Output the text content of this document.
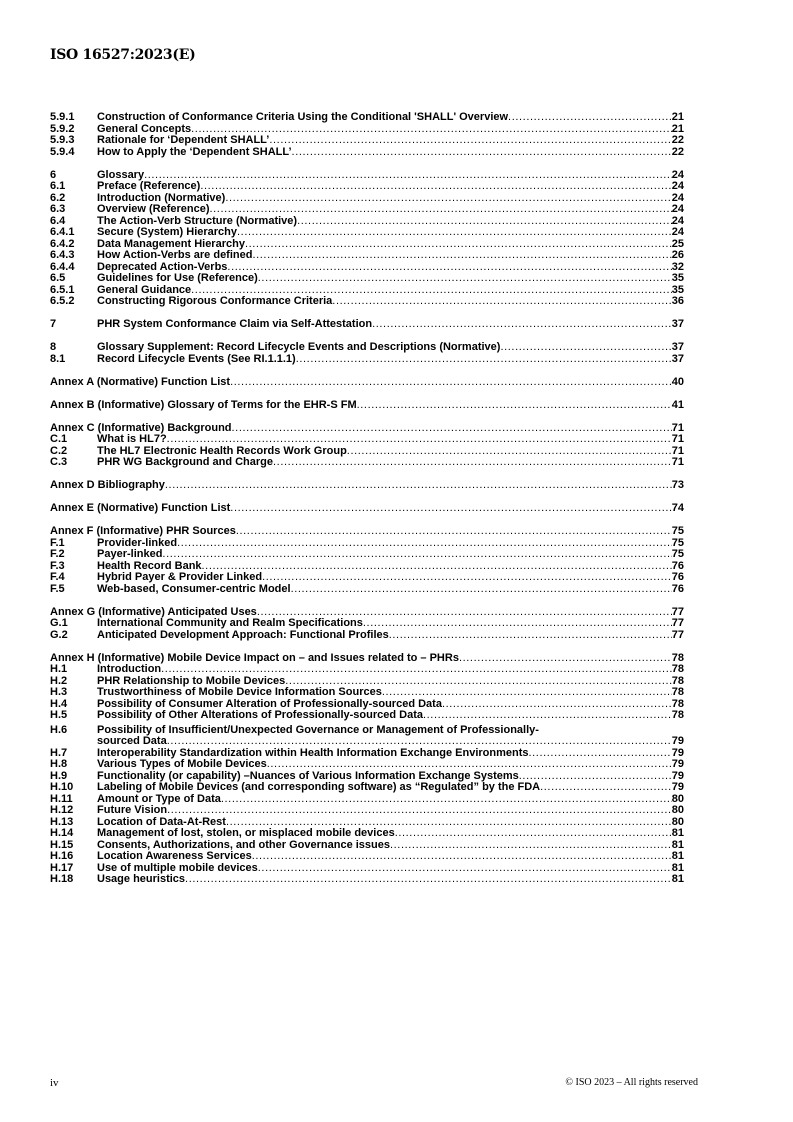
ISO 16527:2023(E)
5.9.1	Construction of Conformance Criteria Using the Conditional 'SHALL' Overview .....	21
5.9.2	General Concepts .....	21
5.9.3	Rationale for ‘Dependent SHALL’ .....	22
5.9.4	How to Apply the ‘Dependent SHALL’ .....	22
6	Glossary .....	24
6.1	Preface (Reference) .....	24
6.2	Introduction (Normative) .....	24
6.3	Overview (Reference) .....	24
6.4	The Action-Verb Structure (Normative) .....	24
6.4.1	Secure (System) Hierarchy .....	24
6.4.2	Data Management Hierarchy .....	25
6.4.3	How Action-Verbs are defined .....	26
6.4.4	Deprecated Action-Verbs .....	32
6.5	Guidelines for Use (Reference) .....	35
6.5.1	General Guidance .....	35
6.5.2	Constructing Rigorous Conformance Criteria .....	36
7	PHR System Conformance Claim via Self-Attestation .....	37
8	Glossary Supplement: Record Lifecycle Events and Descriptions (Normative) .....	37
8.1	Record Lifecycle Events (See RI.1.1.1) .....	37
Annex A (Normative) Function List .....	40
Annex B (Informative) Glossary of Terms for the EHR-S FM .....	41
Annex C (Informative) Background .....	71
C.1	What is HL7? .....	71
C.2	The HL7 Electronic Health Records Work Group .....	71
C.3	PHR WG Background and Charge .....	71
Annex D Bibliography .....	73
Annex E (Normative) Function List .....	74
Annex F (Informative) PHR Sources .....	75
F.1	Provider-linked .....	75
F.2	Payer-linked .....	75
F.3	Health Record Bank .....	76
F.4	Hybrid Payer & Provider Linked .....	76
F.5	Web-based, Consumer-centric Model .....	76
Annex G (Informative) Anticipated Uses .....	77
G.1	International Community and Realm Specifications .....	77
G.2	Anticipated Development Approach: Functional Profiles .....	77
Annex H (Informative) Mobile Device Impact on – and Issues related to – PHRs .....	78
H.1	Introduction .....	78
H.2	PHR Relationship to Mobile Devices .....	78
H.3	Trustworthiness of Mobile Device Information Sources .....	78
H.4	Possibility of Consumer Alteration of Professionally-sourced Data .....	78
H.5	Possibility of Other Alterations of Professionally-sourced Data .....	78
H.6	Possibility of Insufficient/Unexpected Governance or Management of Professionally-
sourced Data .....	79
H.7	Interoperability Standardization within Health Information Exchange Environments .....	79
H.8	Various Types of Mobile Devices .....	79
H.9	Functionality (or capability) –Nuances of Various Information Exchange Systems .....	79
H.10	Labeling of Mobile Devices (and corresponding software) as “Regulated” by the FDA .....	79
H.11	Amount or Type of Data .....	80
H.12	Future Vision .....	80
H.13	Location of Data-At-Rest .....	80
H.14	Management of lost, stolen, or misplaced mobile devices .....	81
H.15	Consents, Authorizations, and other Governance issues .....	81
H.16	Location Awareness Services .....	81
H.17	Use of multiple mobile devices .....	81
H.18	Usage heuristics .....	81
iv	© ISO 2023 – All rights reserved
